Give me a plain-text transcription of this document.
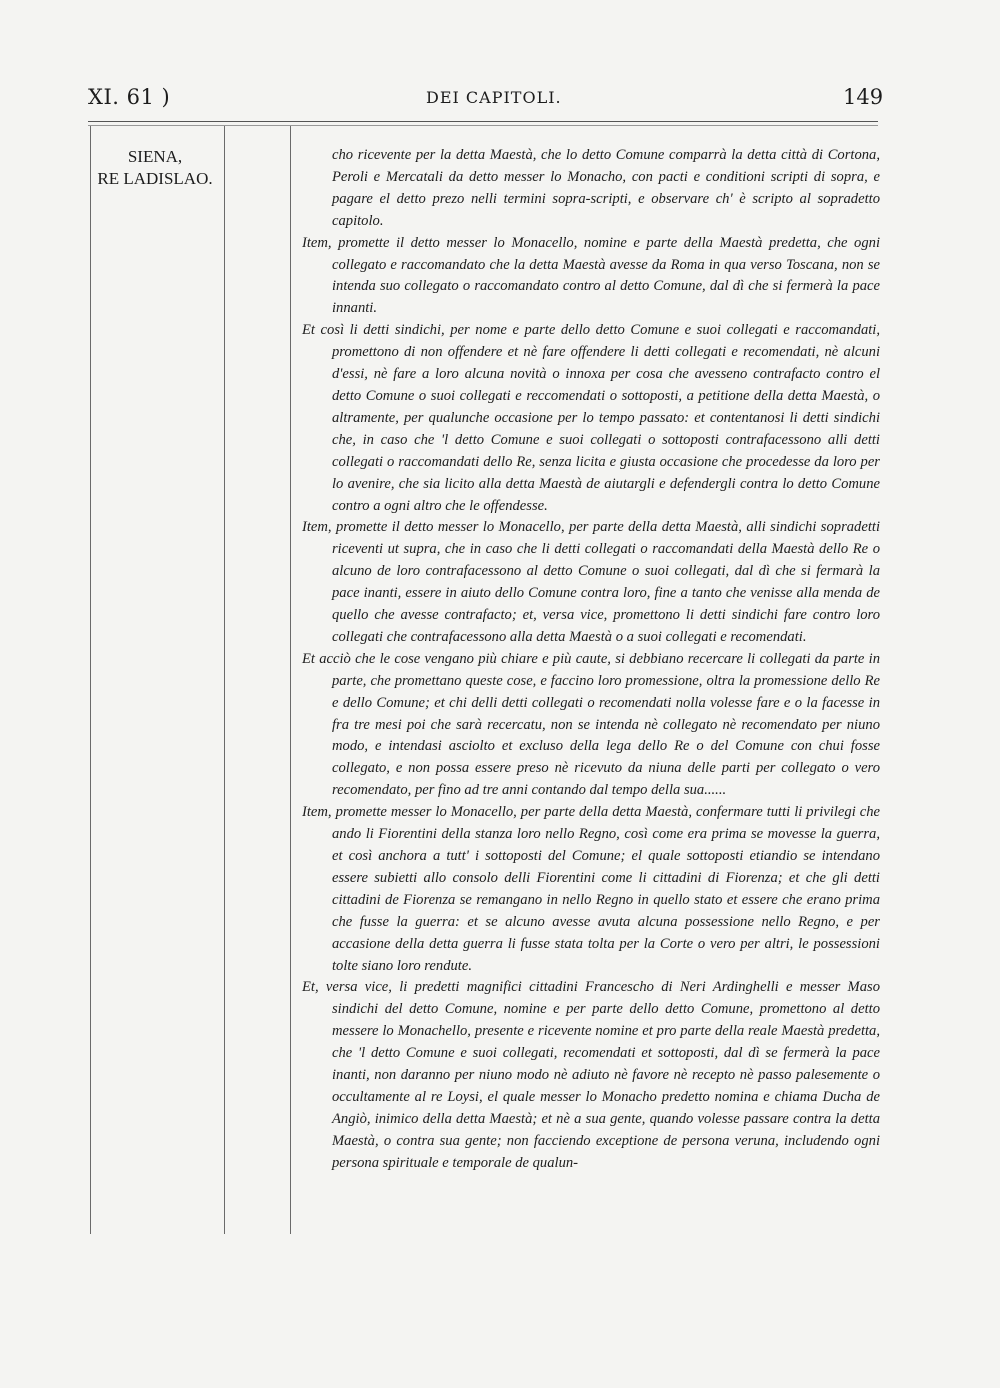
XI. 61 )	DEI CAPITOLI.	149
SIENA,
RE LADISLAO.

cho ricevente per la detta Maestà, che lo detto Comune comparrà la detta città di Cortona, Peroli e Mercatali da detto messer lo Monacho, con pacti e conditioni scripti di sopra, e pagare el detto prezo nelli termini sopra-scripti, e observare ch' è scripto al sopradetto capitolo.

Item, promette il detto messer lo Monacello, nomine e parte della Maestà predetta, che ogni collegato e raccomandato che la detta Maestà avesse da Roma in qua verso Toscana, non se intenda suo collegato o raccomandato contro al detto Comune, dal dì che si fermerà la pace innanti.

Et così li detti sindichi, per nome e parte dello detto Comune e suoi collegati e raccomandati, promettono di non offendere et nè fare offendere li detti collegati e recomendati, nè alcuni d'essi, nè fare a loro alcuna novità o innoxa per cosa che avesseno contrafacto contro el detto Comune o suoi collegati e reccomendati o sottoposti, a petitione della detta Maestà, o altramente, per qualunche occasione per lo tempo passato: et contentanosi li detti sindichi che, in caso che 'l detto Comune e suoi collegati o sottoposti contrafacessono alli detti collegati o raccomandati dello Re, senza licita e giusta occasione che procedesse da loro per lo avenire, che sia licito alla detta Maestà de aiutargli e defendergli contra lo detto Comune contro a ogni altro che le offendesse.

Item, promette il detto messer lo Monacello, per parte della detta Maestà, alli sindichi sopradetti riceventi ut supra, che in caso che li detti collegati o raccomandati della Maestà dello Re o alcuno de loro contrafacessono al detto Comune o suoi collegati, dal dì che si fermarà la pace inanti, essere in aiuto dello Comune contra loro, fine a tanto che venisse alla menda de quello che avesse contrafacto; et, versa vice, promettono li detti sindichi fare contro loro collegati che contrafacessono alla detta Maestà o a suoi collegati e recomendati.

Et acciò che le cose vengano più chiare e più caute, si debbiano recercare li collegati da parte in parte, che promettano queste cose, e faccino loro promessione, oltra la promessione dello Re e dello Comune; et chi delli detti collegati o recomendati nolla volesse fare e o la facesse in fra tre mesi poi che sarà recercatu, non se intenda nè collegato nè recomendato per niuno modo, e intendasi asciolto et excluso della lega dello Re o del Comune con chui fosse collegato, e non possa essere preso nè ricevuto da niuna delle parti per collegato o vero recomendato, per fino ad tre anni contando dal tempo della sua......

Item, promette messer lo Monacello, per parte della detta Maestà, confermare tutti li privilegi che ando li Fiorentini della stanza loro nello Regno, così come era prima se movesse la guerra, et così anchora a tutt' i sottoposti del Comune; el quale sottoposti etiandio se intendano essere subietti allo consolo delli Fiorentini come li cittadini di Fiorenza; et che gli detti cittadini de Fiorenza se remangano in nello Regno in quello stato et essere che erano prima che fusse la guerra: et se alcuno avesse avuta alcuna possessione nello Regno, e per accasione della detta guerra li fusse stata tolta per la Corte o vero per altri, le possessioni tolte siano loro rendute.

Et, versa vice, li predetti magnifici cittadini Francescho di Neri Ardinghelli e messer Maso sindichi del detto Comune, nomine e per parte dello detto Comune, promettono al detto messere lo Monachello, presente e ricevente nomine et pro parte della reale Maestà predetta, che 'l detto Comune e suoi collegati, recomendati et sottoposti, dal dì se fermerà la pace inanti, non daranno per niuno modo nè adiuto nè favore nè recepto nè passo palesemente o occultamente al re Loysi, el quale messer lo Monacho predetto nomina e chiama Ducha de Angiò, inimico della detta Maestà; et nè a sua gente, quando volesse passare contra la detta Maestà, o contra sua gente; non facciendo exceptione de persona veruna, includendo ogni persona spirituale e temporale de qualun-
